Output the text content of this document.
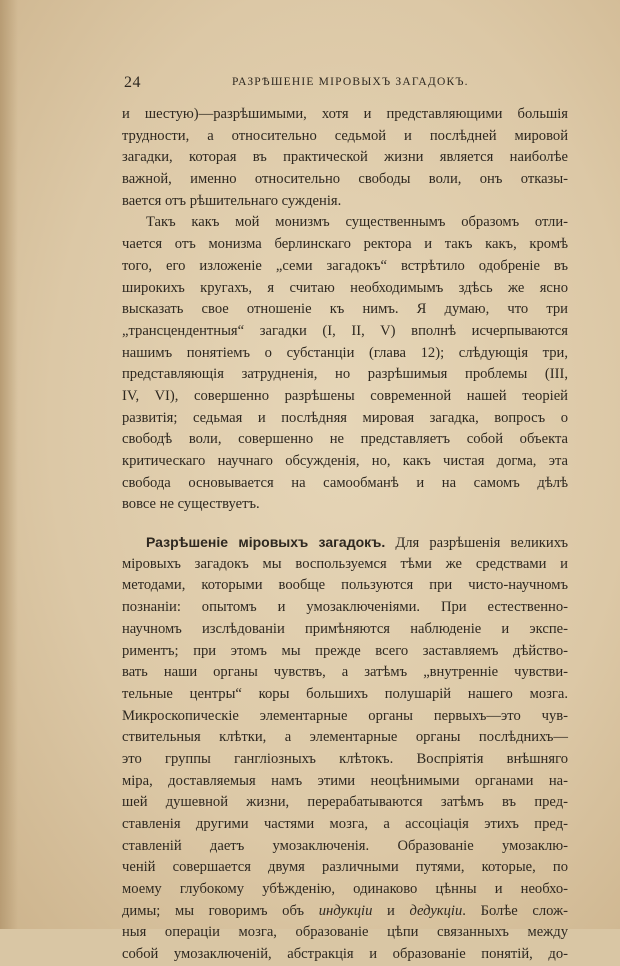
24	РАЗРѢШЕНІЕ МІРОВЫХЪ ЗАГАДОКЪ.
и шестую)—разрѣшимыми, хотя и представляющими большія
трудности, а относительно седьмой и послѣдней мировой
загадки, которая въ практической жизни является наиболѣе
важной, именно относительно свободы воли, онъ отказы-
вается отъ рѣшительнаго сужденія.
Такъ какъ мой монизмъ существеннымъ образомъ отли-
чается отъ монизма берлинскаго ректора и такъ какъ, кромѣ
того, его изложеніе „семи загадокъ“ встрѣтило одобреніе въ
широкихъ кругахъ, я считаю необходимымъ здѣсь же ясно
высказать свое отношеніе къ нимъ. Я думаю, что три
„трансцендентныя“ загадки (I, II, V) вполнѣ исчерпываются
нашимъ понятіемъ о субстанціи (глава 12); слѣдующія три,
представляющія затрудненія, но разрѣшимыя проблемы (III,
IV, VI), совершенно разрѣшены современной нашей теоріей
развитія; седьмая и послѣдняя мировая загадка, вопросъ о
свободѣ воли, совершенно не представляетъ собой объекта
критическаго научнаго обсужденія, но, какъ чистая догма, эта
свобода основывается на самообманѣ и на самомъ дѣлѣ
вовсе не существуетъ.
Разрѣшеніе міровыхъ загадокъ. Для разрѣшенія великихъ
міровыхъ загадокъ мы воспользуемся тѣми же средствами и
методами, которыми вообще пользуются при чисто-научномъ
познаніи: опытомъ и умозаключеніями. При естественно-
научномъ изслѣдованіи примѣняются наблюденіе и экспе-
риментъ; при этомъ мы прежде всего заставляемъ дѣйство-
вать наши органы чувствъ, а затѣмъ „внутренніе чувстви-
тельные центры“ коры большихъ полушарій нашего мозга.
Микроскопическіе элементарные органы первыхъ—это чув-
ствительныя клѣтки, а элементарные органы послѣднихъ—
это группы гангліозныхъ клѣтокъ. Воспріятія внѣшняго
міра, доставляемыя намъ этими неоцѣнимыми органами на-
шей душевной жизни, перерабатываются затѣмъ въ пред-
ставленія другими частями мозга, а ассоціація этихъ пред-
ставленій даетъ умозаключенія. Образованіе умозаклю-
ченій совершается двумя различными путями, которые, по
моему глубокому убѣжденію, одинаково цѣнны и необхо-
димы; мы говоримъ объ индукціи и дедукціи. Болѣе слож-
ныя операціи мозга, образованіе цѣпи связанныхъ между
собой умозаключеній, абстракція и образованіе понятій, до-
